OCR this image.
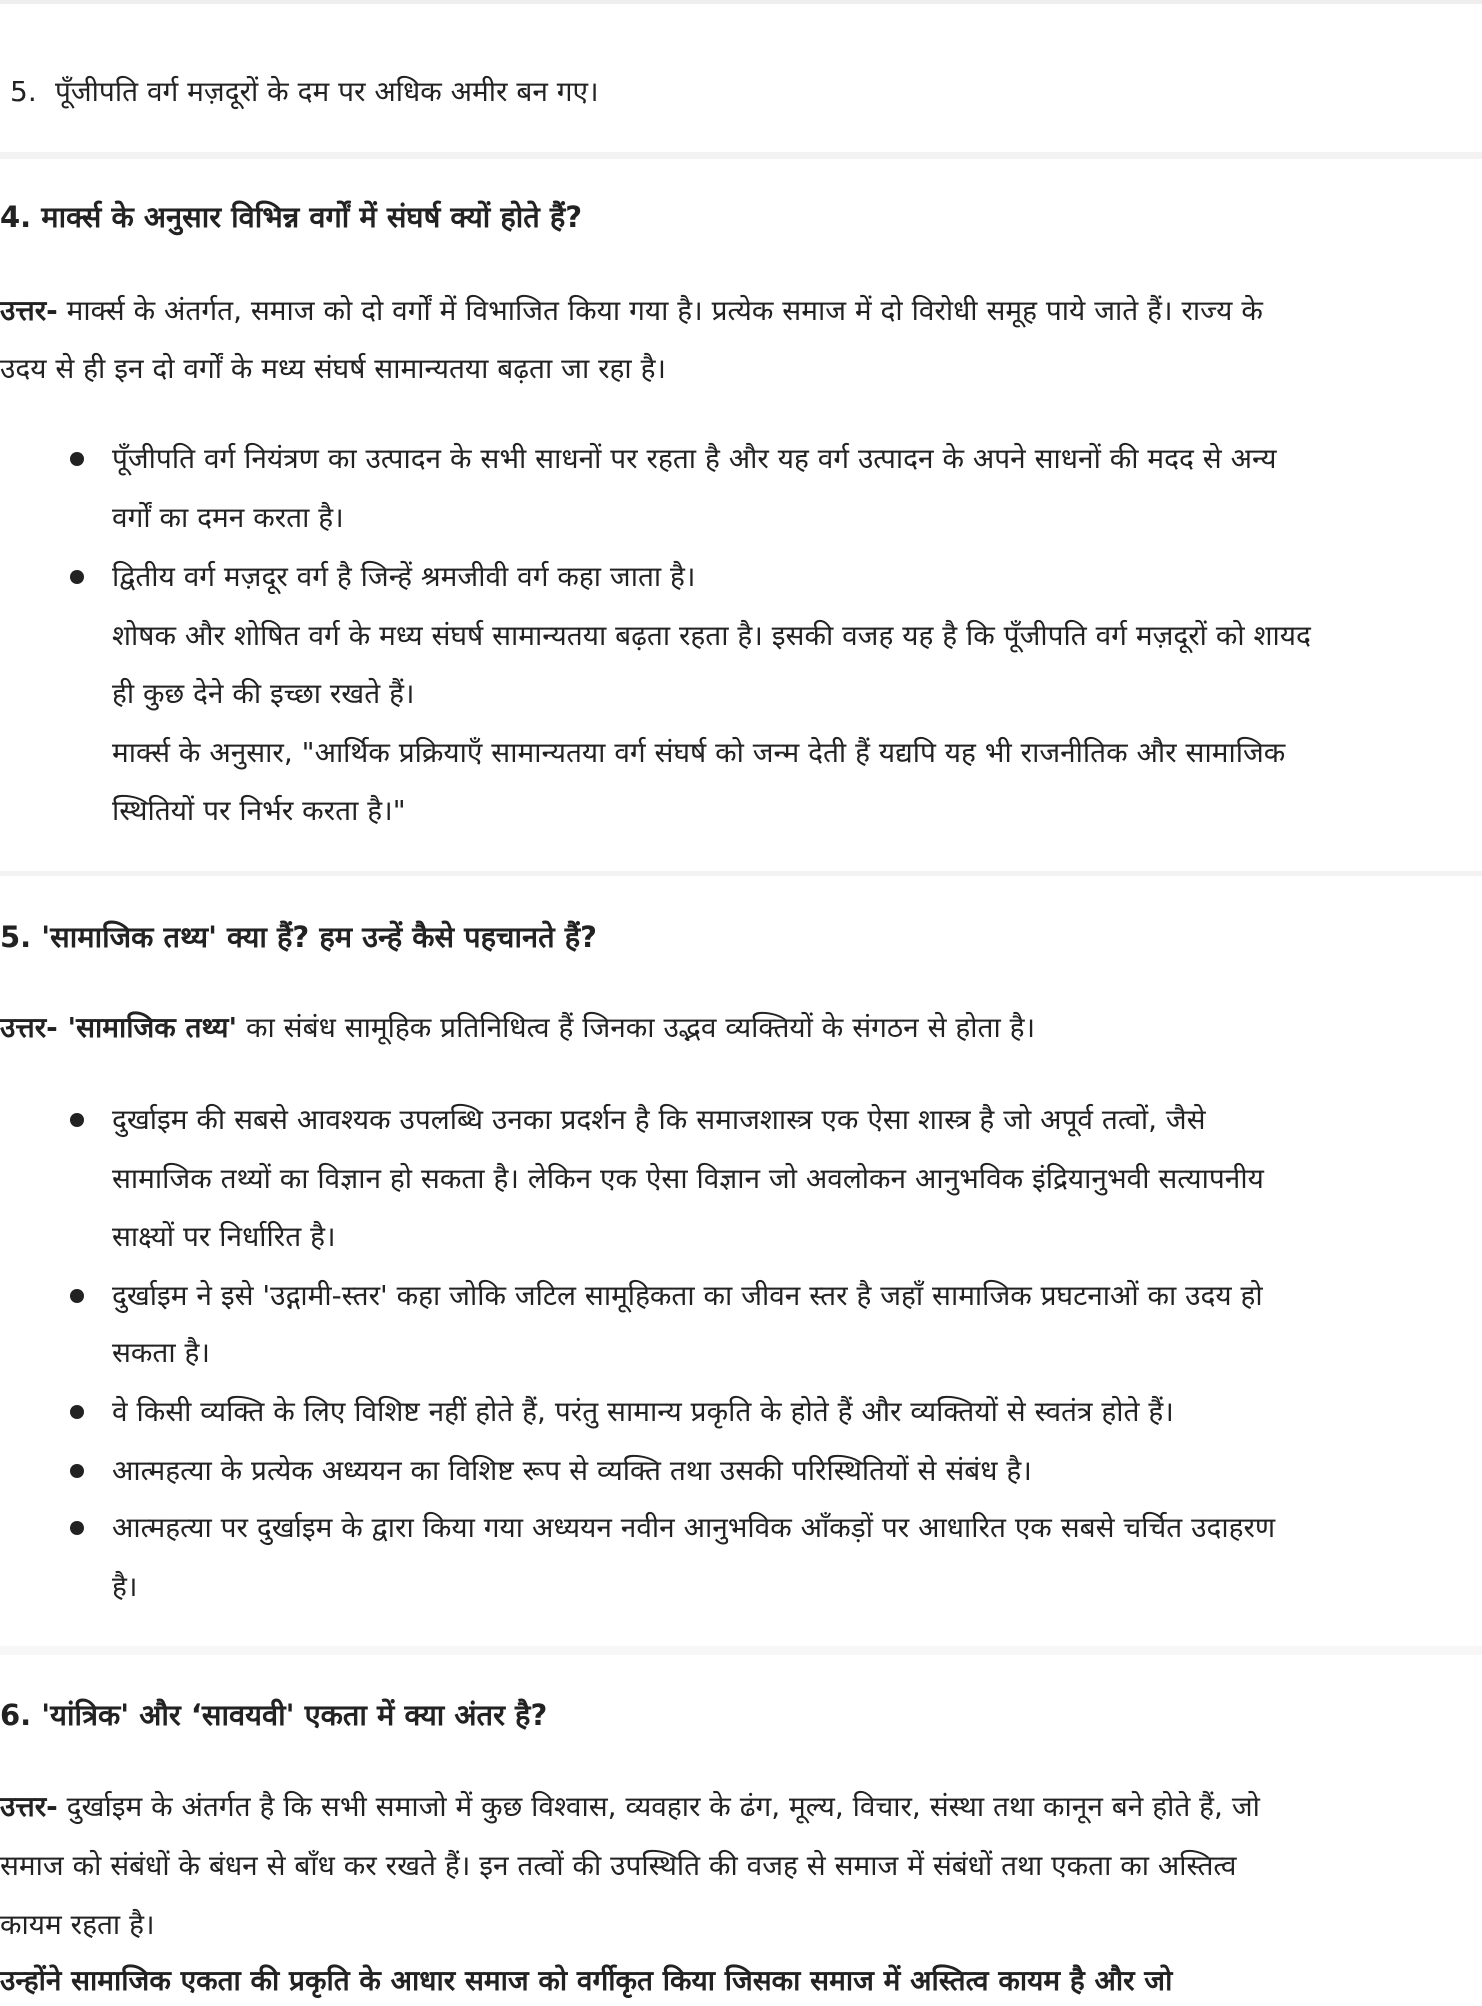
5. पूँजीपति वर्ग मज़दूरों के दम पर अधिक अमीर बन गए।
4. मार्क्स के अनुसार विभिन्न वर्गों में संघर्ष क्यों होते हैं?
उत्तर- मार्क्स के अंतर्गत, समाज को दो वर्गों में विभाजित किया गया है। प्रत्येक समाज में दो विरोधी समूह पाये जाते हैं। राज्य के
उदय से ही इन दो वर्गों के मध्य संघर्ष सामान्यतया बढ़ता जा रहा है।
पूँजीपति वर्ग नियंत्रण का उत्पादन के सभी साधनों पर रहता है और यह वर्ग उत्पादन के अपने साधनों की मदद से अन्य
वर्गों का दमन करता है।
द्वितीय वर्ग मज़दूर वर्ग है जिन्हें श्रमजीवी वर्ग कहा जाता है।
शोषक और शोषित वर्ग के मध्य संघर्ष सामान्यतया बढ़ता रहता है। इसकी वजह यह है कि पूँजीपति वर्ग मज़दूरों को शायद
ही कुछ देने की इच्छा रखते हैं।
मार्क्स के अनुसार, "आर्थिक प्रक्रियाएँ सामान्यतया वर्ग संघर्ष को जन्म देती हैं यद्यपि यह भी राजनीतिक और सामाजिक
स्थितियों पर निर्भर करता है।"
5. 'सामाजिक तथ्य' क्या हैं? हम उन्हें कैसे पहचानते हैं?
उत्तर- 'सामाजिक तथ्य' का संबंध सामूहिक प्रतिनिधित्व हैं जिनका उद्भव व्यक्तियों के संगठन से होता है।
दुर्खाइम की सबसे आवश्यक उपलब्धि उनका प्रदर्शन है कि समाजशास्त्र एक ऐसा शास्त्र है जो अपूर्व तत्वों, जैसे
सामाजिक तथ्यों का विज्ञान हो सकता है। लेकिन एक ऐसा विज्ञान जो अवलोकन आनुभविक इंद्रियानुभवी सत्यापनीय
साक्ष्यों पर निर्धारित है।
दुर्खाइम ने इसे 'उद्गामी-स्तर' कहा जोकि जटिल सामूहिकता का जीवन स्तर है जहाँ सामाजिक प्रघटनाओं का उदय हो
सकता है।
वे किसी व्यक्ति के लिए विशिष्ट नहीं होते हैं, परंतु सामान्य प्रकृति के होते हैं और व्यक्तियों से स्वतंत्र होते हैं।
आत्महत्या के प्रत्येक अध्ययन का विशिष्ट रूप से व्यक्ति तथा उसकी परिस्थितियों से संबंध है।
आत्महत्या पर दुर्खाइम के द्वारा किया गया अध्ययन नवीन आनुभविक आँकड़ों पर आधारित एक सबसे चर्चित उदाहरण
है।
6. 'यांत्रिक' और ‘सावयवी' एकता में क्या अंतर है?
उत्तर- दुर्खाइम के अंतर्गत है कि सभी समाजो में कुछ विश्वास, व्यवहार के ढंग, मूल्य, विचार, संस्था तथा कानून बने होते हैं, जो
समाज को संबंधों के बंधन से बाँध कर रखते हैं। इन तत्वों की उपस्थिति की वजह से समाज में संबंधों तथा एकता का अस्तित्व
कायम रहता है।
उन्होंने सामाजिक एकता की प्रकृति के आधार समाज को वर्गीकृत किया जिसका समाज में अस्तित्व कायम है और जो
